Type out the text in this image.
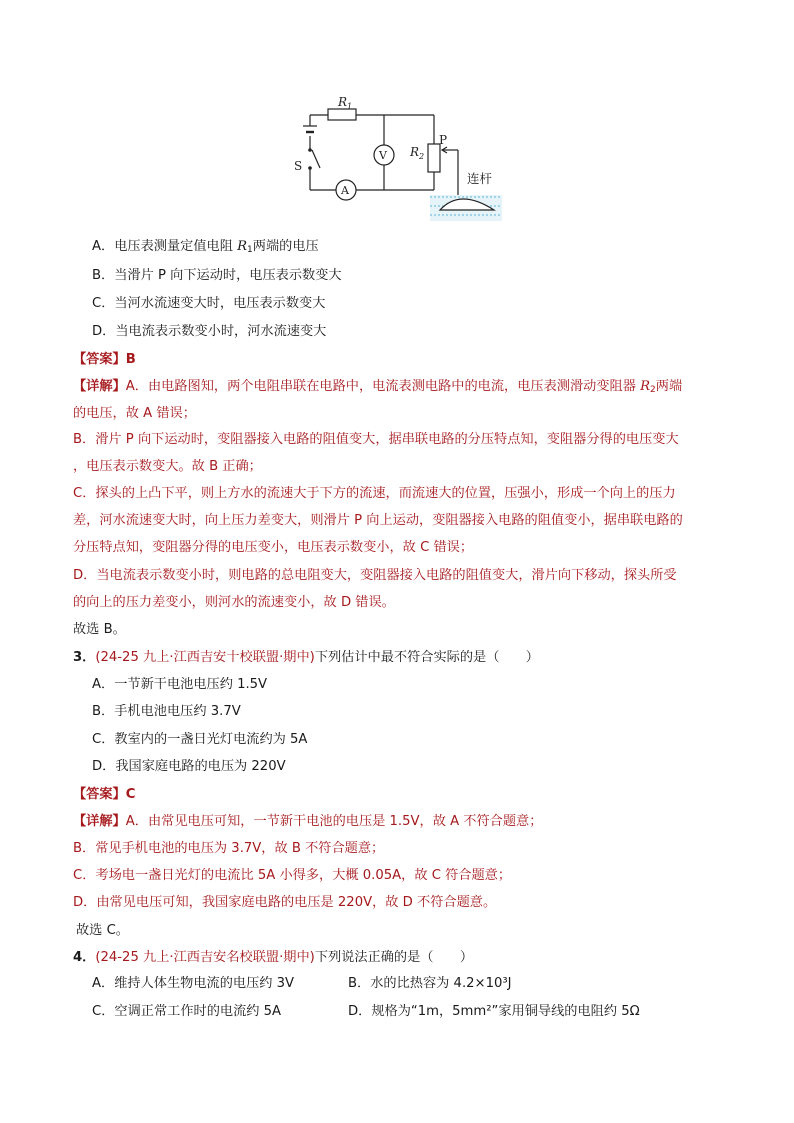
$R_1$
$R_2$
P
S
V
A
连杆
A．电压表测量定值电阻 $R_1$两端的电压
B．当滑片 P 向下运动时，电压表示数变大
C．当河水流速变大时，电压表示数变大
D．当电流表示数变小时，河水流速变大
【答案】B
【详解】A．由电路图知，两个电阻串联在电路中，电流表测电路中的电流，电压表测滑动变阻器 $R_2$两端
的电压，故 A 错误；
B．滑片 P 向下运动时，变阻器接入电路的阻值变大，据串联电路的分压特点知，变阻器分得的电压变大
，电压表示数变大。故 B 正确；
C．探头的上凸下平，则上方水的流速大于下方的流速，而流速大的位置，压强小，形成一个向上的压力
差，河水流速变大时，向上压力差变大，则滑片 P 向上运动，变阻器接入电路的阻值变小，据串联电路的
分压特点知，变阻器分得的电压变小，电压表示数变小，故 C 错误；
D．当电流表示数变小时，则电路的总电阻变大，变阻器接入电路的阻值变大，滑片向下移动，探头所受
的向上的压力差变小，则河水的流速变小，故 D 错误。
故选 B。
3．(24-25 九上·江西吉安十校联盟·期中)下列估计中最不符合实际的是（　　）
A．一节新干电池电压约 1.5V
B．手机电池电压约 3.7V
C．教室内的一盏日光灯电流约为 5A
D．我国家庭电路的电压为 220V
【答案】C
【详解】A．由常见电压可知，一节新干电池的电压是 1.5V，故 A 不符合题意；
B．常见手机电池的电压为 3.7V，故 B 不符合题意；
C．考场电一盏日光灯的电流比 5A 小得多，大概 0.05A，故 C 符合题意；
D．由常见电压可知，我国家庭电路的电压是 220V，故 D 不符合题意。
故选 C。
4．(24-25 九上·江西吉安名校联盟·期中)下列说法正确的是（　　）
A．维持人体生物电流的电压约 3V	B．水的比热容为 4.2×10³J
C．空调正常工作时的电流约 5A	D．规格为“1m，5mm²”家用铜导线的电阻约 5Ω
